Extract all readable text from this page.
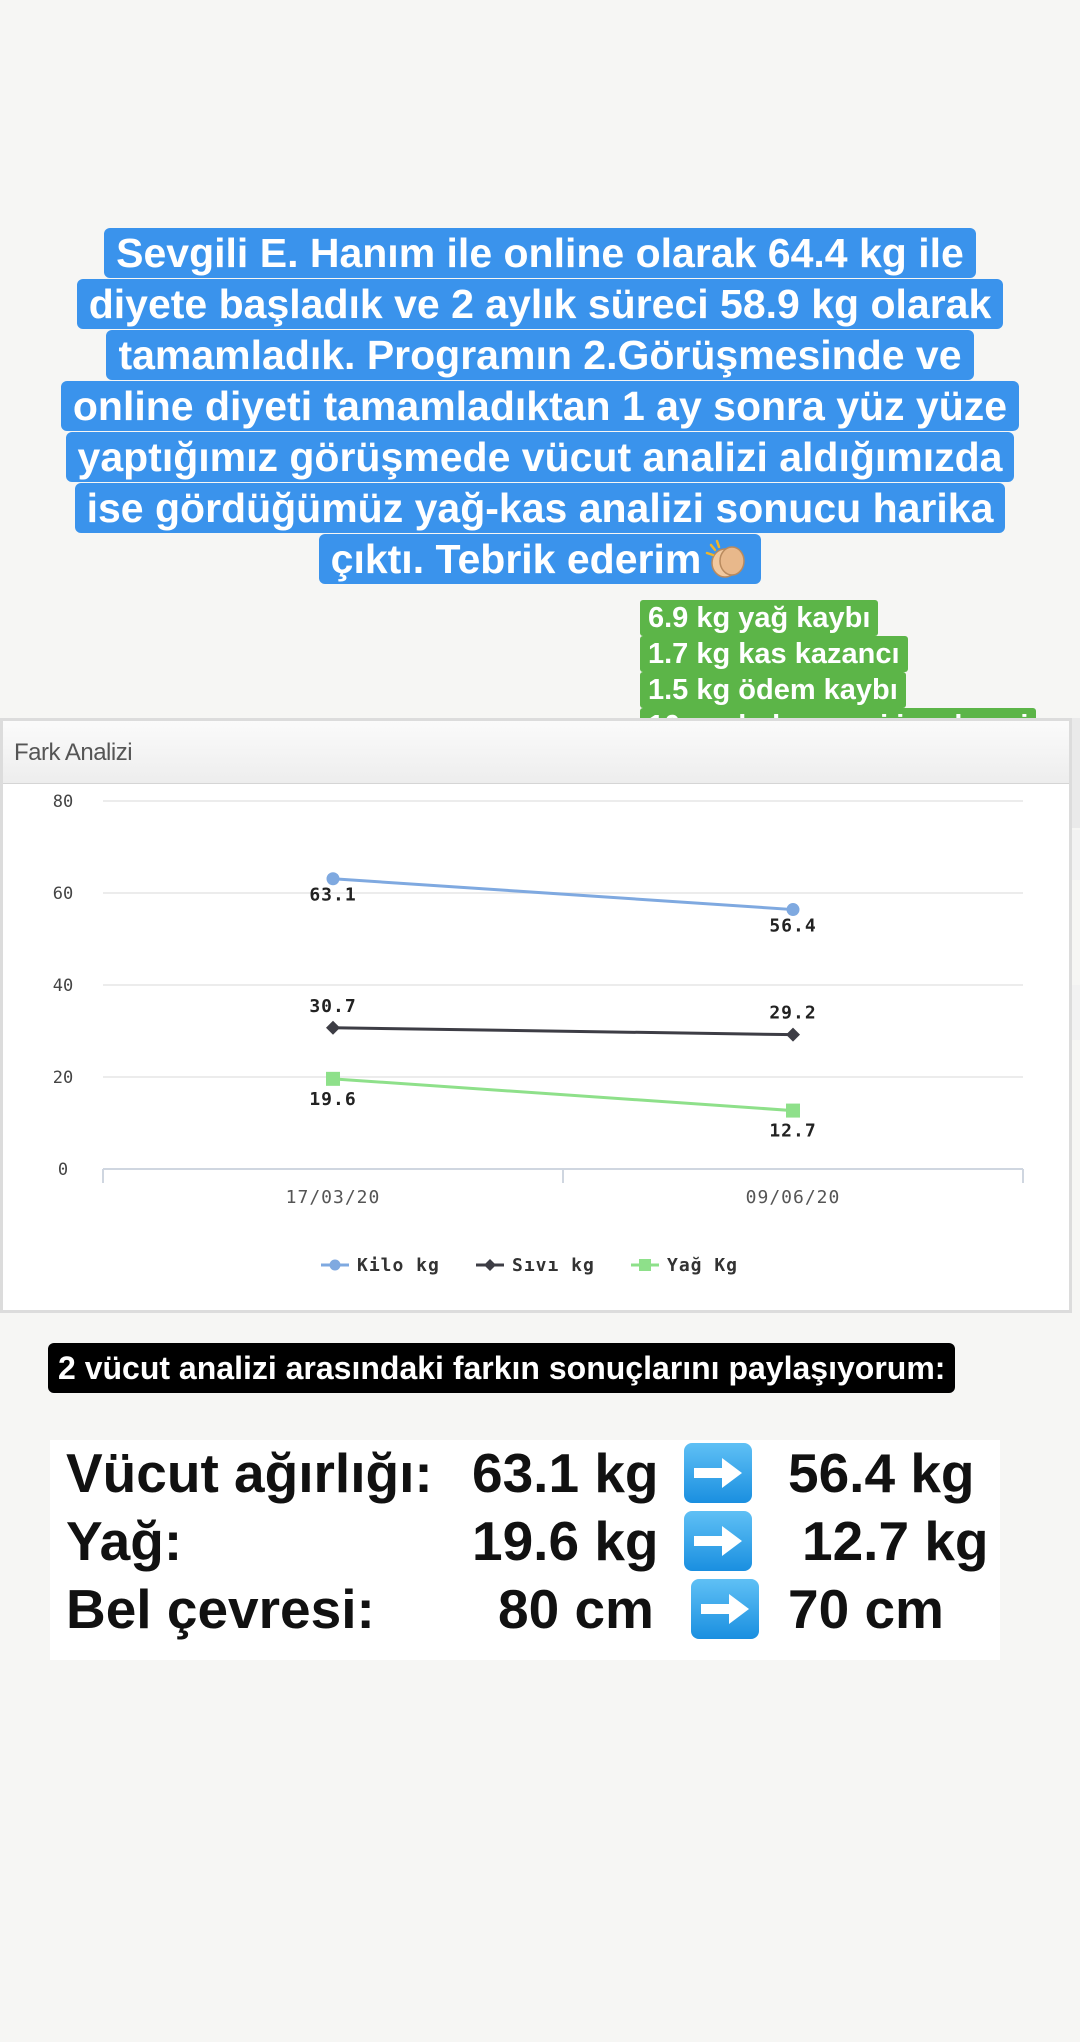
Sevgili E. Hanım ile online olarak 64.4 kg ile diyete başladık ve 2 aylık süreci 58.9 kg olarak tamamladık. Programın 2.Görüşmesinde ve online diyeti tamamladıktan 1 ay sonra yüz yüze yaptığımız görüşmede vücut analizi aldığımızda ise gördüğümüz yağ-kas analizi sonucu harika çıktı. Tebrik ederim
6.9 kg yağ kaybı
1.7 kg kas kazancı
1.5 kg ödem kaybı
Fark Analizi
0
20
40
60
80
17/03/20	09/06/20
63.1
56.4
30.7	29.2
19.6
12.7
Kilo kg	Sıvı kg	Yağ Kg
2 vücut analizi arasındaki farkın sonuçlarını paylaşıyorum:
Vücut ağırlığı: 63.1 kg 56.4 kg
Yağ:	19.6 kg	12.7 kg
Bel çevresi: 80 cm 70 cm
